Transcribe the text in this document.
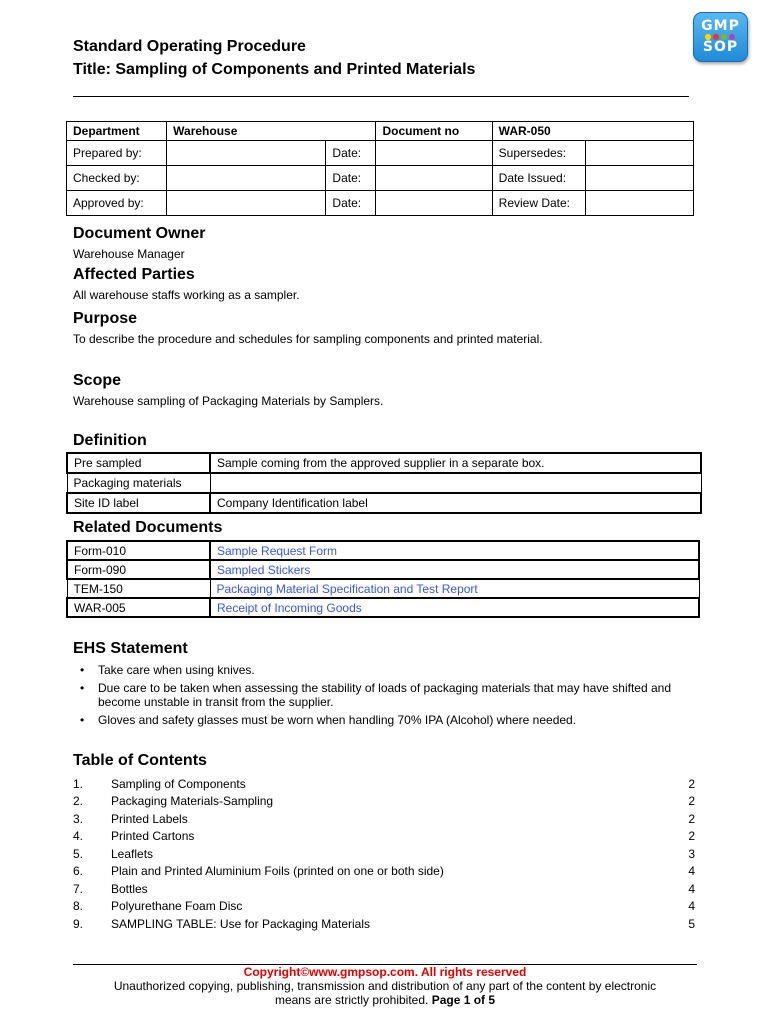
Standard Operating Procedure
Title: Sampling of Components and Printed Materials
GMP
●●●●
SOP
Department	Warehouse		Document no	WAR-050	
Prepared by:		Date:		Supersedes:	
Checked by:		Date:		Date Issued:	
Approved by:		Date:		Review Date:	
Document Owner
Warehouse Manager
Affected Parties
All warehouse staffs working as a sampler.
Purpose
To describe the procedure and schedules for sampling components and printed material.
Scope
Warehouse sampling of Packaging Materials by Samplers.
Definition
Pre sampled	Sample coming from the approved supplier in a separate box.
Packaging materials	
Site ID label	Company Identification label
Related Documents
Form-010	Sample Request Form
Form-090	Sampled Stickers
TEM-150	Packaging Material Specification and Test Report
WAR-005	Receipt of Incoming Goods
EHS Statement
• Take care when using knives.
• Due care to be taken when assessing the stability of loads of packaging materials that may have shifted and become unstable in transit from the supplier.
• Gloves and safety glasses must be worn when handling 70% IPA (Alcohol) where needed.
Table of Contents
1.	Sampling of Components	2
2.	Packaging Materials-Sampling	2
3.	Printed Labels	2
4.	Printed Cartons	2
5.	Leaflets	3
6.	Plain and Printed Aluminium Foils (printed on one or both side)	4
7.	Bottles	4
8.	Polyurethane Foam Disc	4
9.	SAMPLING TABLE: Use for Packaging Materials	5
Copyright©www.gmpsop.com. All rights reserved
Unauthorized copying, publishing, transmission and distribution of any part of the content by electronic
means are strictly prohibited. Page 1 of 5
